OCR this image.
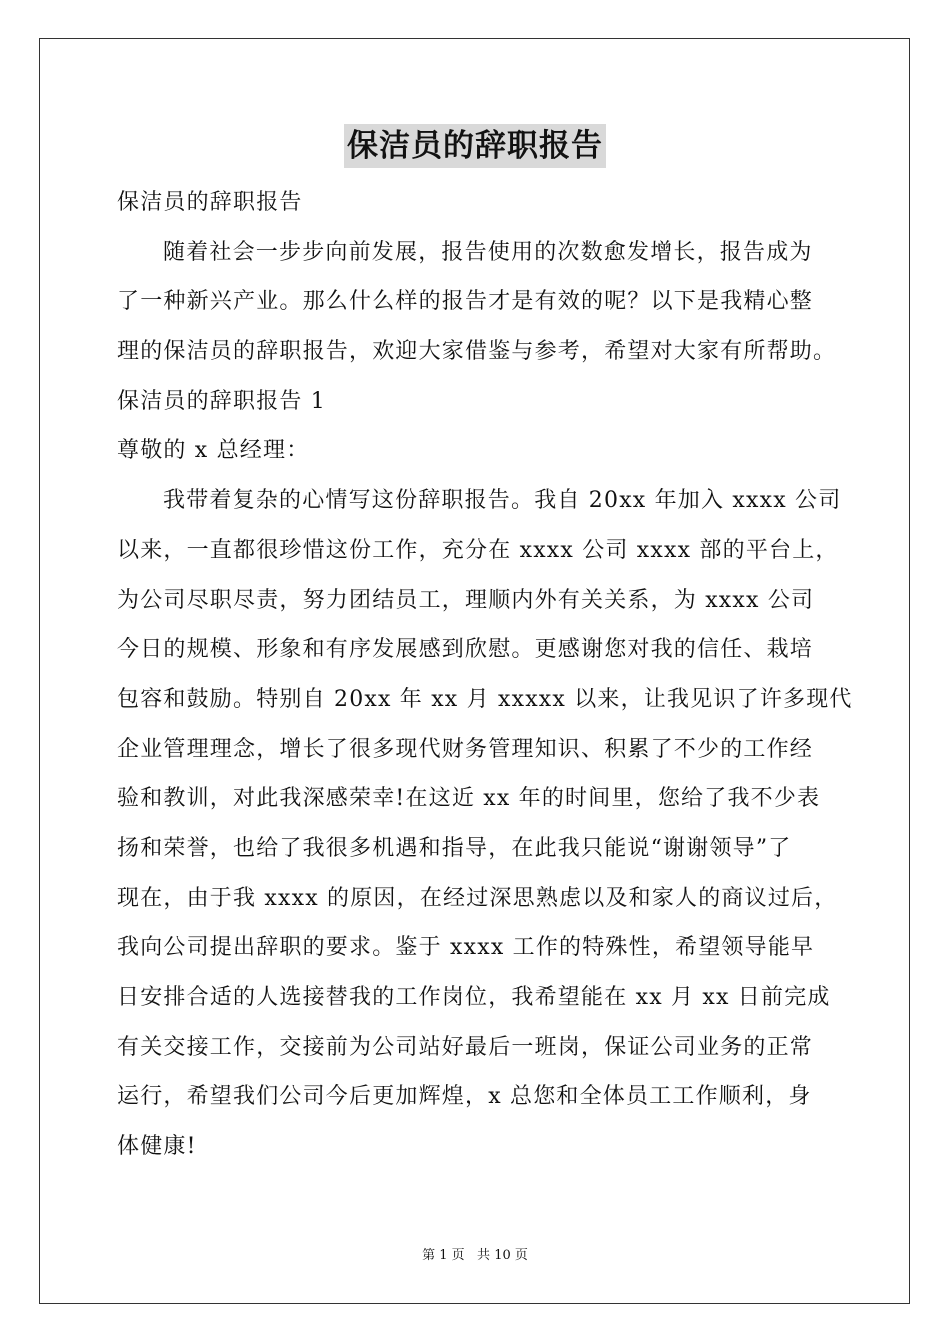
保洁员的辞职报告
保洁员的辞职报告
随着社会一步步向前发展，报告使用的次数愈发增长，报告成为
了一种新兴产业。那么什么样的报告才是有效的呢？以下是我精心整
理的保洁员的辞职报告，欢迎大家借鉴与参考，希望对大家有所帮助。
保洁员的辞职报告 1
尊敬的 x 总经理：
我带着复杂的心情写这份辞职报告。我自 20xx 年加入 xxxx 公司
以来，一直都很珍惜这份工作，充分在 xxxx 公司 xxxx 部的平台上，
为公司尽职尽责，努力团结员工，理顺内外有关关系，为 xxxx 公司
今日的规模、形象和有序发展感到欣慰。更感谢您对我的信任、栽培
包容和鼓励。特别自 20xx 年 xx 月 xxxxx 以来，让我见识了许多现代
企业管理理念，增长了很多现代财务管理知识、积累了不少的工作经
验和教训，对此我深感荣幸!在这近 xx 年的时间里，您给了我不少表
扬和荣誉，也给了我很多机遇和指导，在此我只能说“谢谢领导”了
现在，由于我 xxxx 的原因，在经过深思熟虑以及和家人的商议过后，
我向公司提出辞职的要求。鉴于 xxxx 工作的特殊性，希望领导能早
日安排合适的人选接替我的工作岗位，我希望能在 xx 月 xx 日前完成
有关交接工作，交接前为公司站好最后一班岗，保证公司业务的正常
运行，希望我们公司今后更加辉煌，x 总您和全体员工工作顺利，身
体健康!
第 1 页   共 10 页
